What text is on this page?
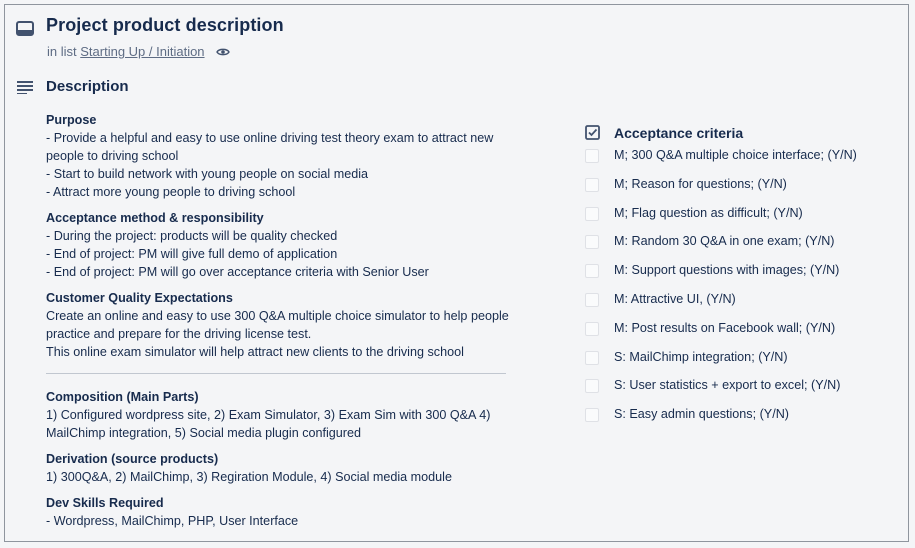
Project product description
in list Starting Up / Initiation
Description
Purpose

- Provide a helpful and easy to use online driving test theory exam to attract new people to driving school

- Start to build network with young people on social media

- Attract more young people to driving school

Acceptance method & responsibility

- During the project: products will be quality checked

- End of project: PM will give full demo of application

- End of project: PM will go over acceptance criteria with Senior User

Customer Quality Expectations

Create an online and easy to use 300 Q&A multiple choice simulator to help people practice and prepare for the driving license test.

This online exam simulator will help attract new clients to the driving school

Composition (Main Parts)

1) Configured wordpress site, 2) Exam Simulator, 3) Exam Sim with 300 Q&A 4) MailChimp integration, 5) Social media plugin configured

Derivation (source products)

1) 300Q&A, 2) MailChimp, 3) Regiration Module, 4) Social media module

Dev Skills Required

- Wordpress, MailChimp, PHP, User Interface

Acceptance criteria
M; 300 Q&A multiple choice interface; (Y/N)
M; Reason for questions; (Y/N)
M; Flag question as difficult; (Y/N)
M: Random 30 Q&A in one exam; (Y/N)
M: Support questions with images; (Y/N)
M: Attractive UI, (Y/N)
M: Post results on Facebook wall; (Y/N)
S: MailChimp integration; (Y/N)
S: User statistics + export to excel; (Y/N)
S: Easy admin questions; (Y/N)
